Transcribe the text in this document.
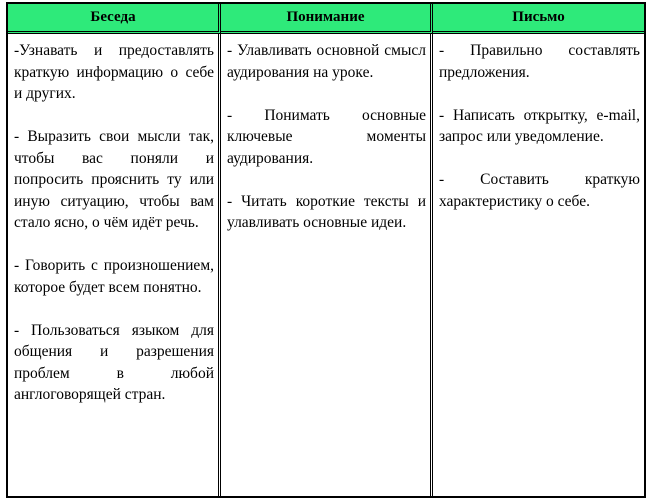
Беседа	Понимание	Письмо

-Узнавать и предоставлять краткую информацию о себе и других.

- Выразить свои мысли так, чтобы вас поняли и попросить прояснить ту или иную ситуацию, чтобы вам стало ясно, о чём идёт речь.

- Говорить с произношением, которое будет всем понятно.

- Пользоваться языком для общения и разрешения проблем в любой англоговорящей стран.

- Улавливать основной смысл аудирования на уроке.

- Понимать основные ключевые моменты аудирования.

- Читать короткие тексты и улавливать основные идеи.

- Правильно составлять предложения.

- Написать открытку, e-mail, запрос или уведомление.

- Составить краткую характеристику о себе.
